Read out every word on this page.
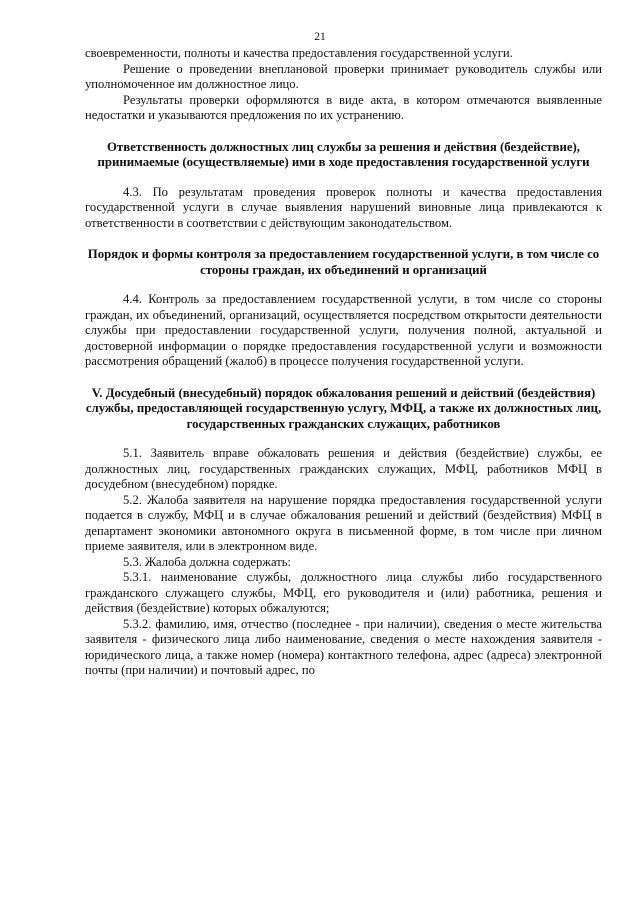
21

своевременности, полноты и качества предоставления государственной услуги.

Решение о проведении внеплановой проверки принимает руководитель службы или уполномоченное им должностное лицо.

Результаты проверки оформляются в виде акта, в котором отмечаются выявленные недостатки и указываются предложения по их устранению.

Ответственность должностных лиц службы за решения и действия (бездействие), принимаемые (осуществляемые) ими в ходе предоставления государственной услуги

4.3. По результатам проведения проверок полноты и качества предоставления государственной услуги в случае выявления нарушений виновные лица привлекаются к ответственности в соответствии с действующим законодательством.

Порядок и формы контроля за предоставлением государственной услуги, в том числе со стороны граждан, их объединений и организаций

4.4. Контроль за предоставлением государственной услуги, в том числе со стороны граждан, их объединений, организаций, осуществляется посредством открытости деятельности службы при предоставлении государственной услуги, получения полной, актуальной и достоверной информации о порядке предоставления государственной услуги и возможности рассмотрения обращений (жалоб) в процессе получения государственной услуги.

V. Досудебный (внесудебный) порядок обжалования решений и действий (бездействия) службы, предоставляющей государственную услугу, МФЦ, а также их должностных лиц, государственных гражданских служащих, работников

5.1. Заявитель вправе обжаловать решения и действия (бездействие) службы, ее должностных лиц, государственных гражданских служащих, МФЦ, работников МФЦ в досудебном (внесудебном) порядке.

5.2. Жалоба заявителя на нарушение порядка предоставления государственной услуги подается в службу, МФЦ и в случае обжалования решений и действий (бездействия) МФЦ в департамент экономики автономного округа в письменной форме, в том числе при личном приеме заявителя, или в электронном виде.

5.3. Жалоба должна содержать:

5.3.1. наименование службы, должностного лица службы либо государственного гражданского служащего службы, МФЦ, его руководителя и (или) работника, решения и действия (бездействие) которых обжалуются;

5.3.2. фамилию, имя, отчество (последнее - при наличии), сведения о месте жительства заявителя - физического лица либо наименование, сведения о месте нахождения заявителя - юридического лица, а также номер (номера) контактного телефона, адрес (адреса) электронной почты (при наличии) и почтовый адрес, по
